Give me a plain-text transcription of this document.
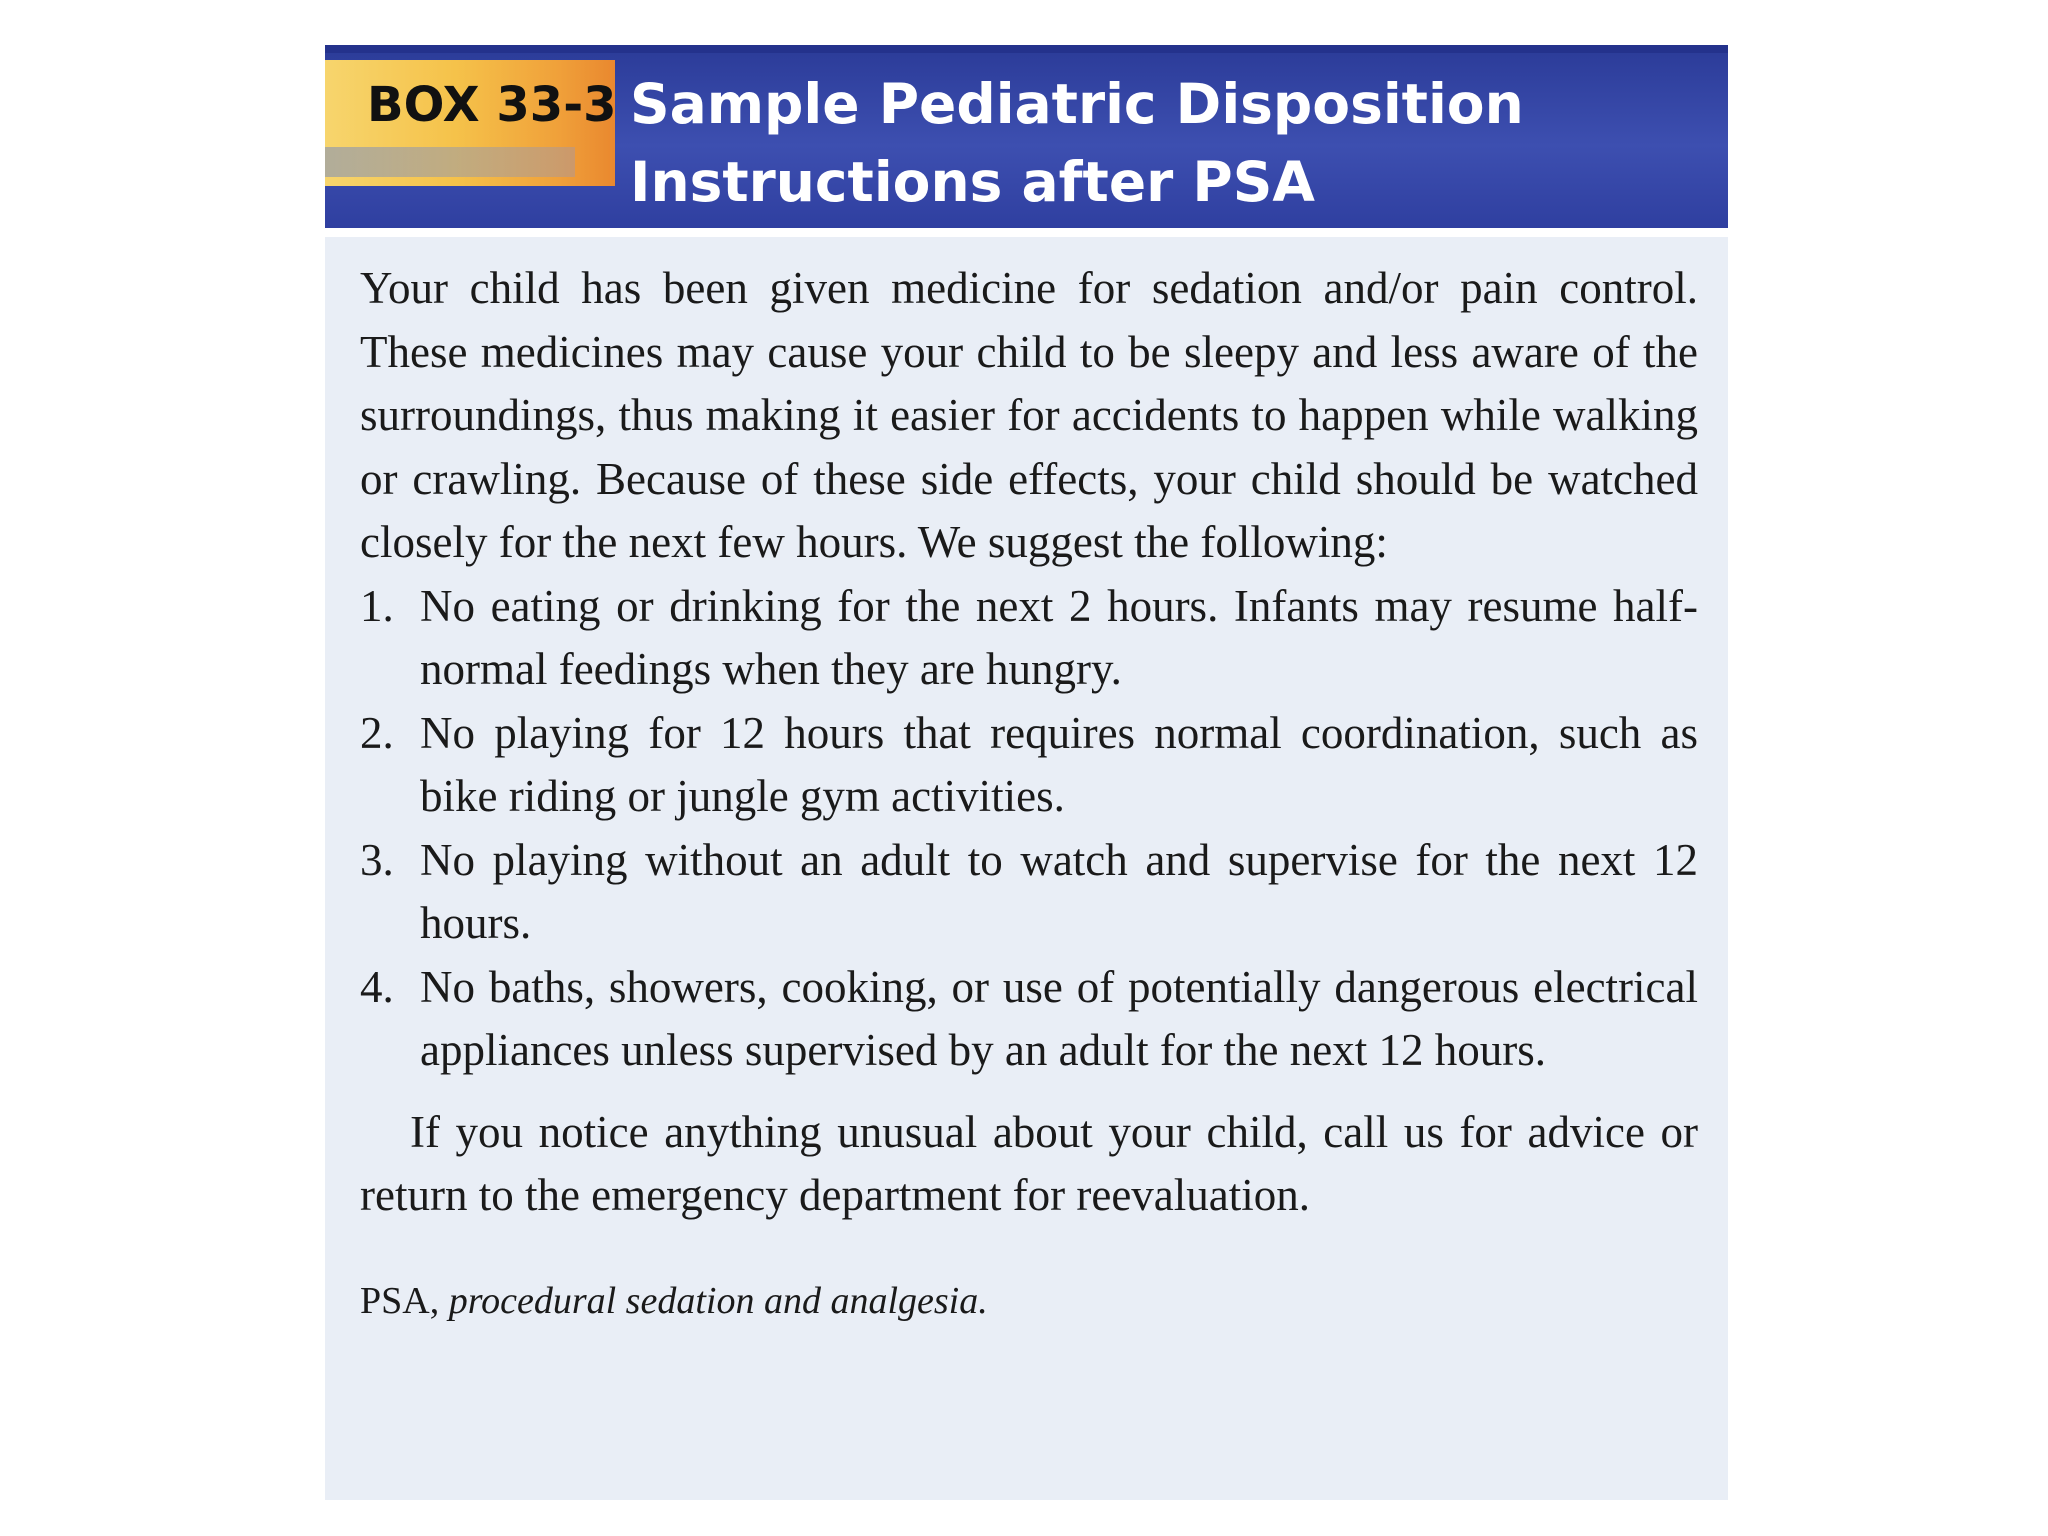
BOX 33-3 Sample Pediatric Disposition
Instructions after PSA

Your child has been given medicine for sedation and/or pain control. These medicines may cause your child to be sleepy and less aware of the surroundings, thus making it easier for accidents to happen while walking or crawling. Because of these side effects, your child should be watched closely for the next few hours. We suggest the following:

1. No eating or drinking for the next 2 hours. Infants may resume half-normal feedings when they are hungry.
2. No playing for 12 hours that requires normal coordination, such as bike riding or jungle gym activities.
3. No playing without an adult to watch and supervise for the next 12 hours.
4. No baths, showers, cooking, or use of potentially dangerous electrical appliances unless supervised by an adult for the next 12 hours.

If you notice anything unusual about your child, call us for advice or return to the emergency department for reevaluation.

PSA, procedural sedation and analgesia.
